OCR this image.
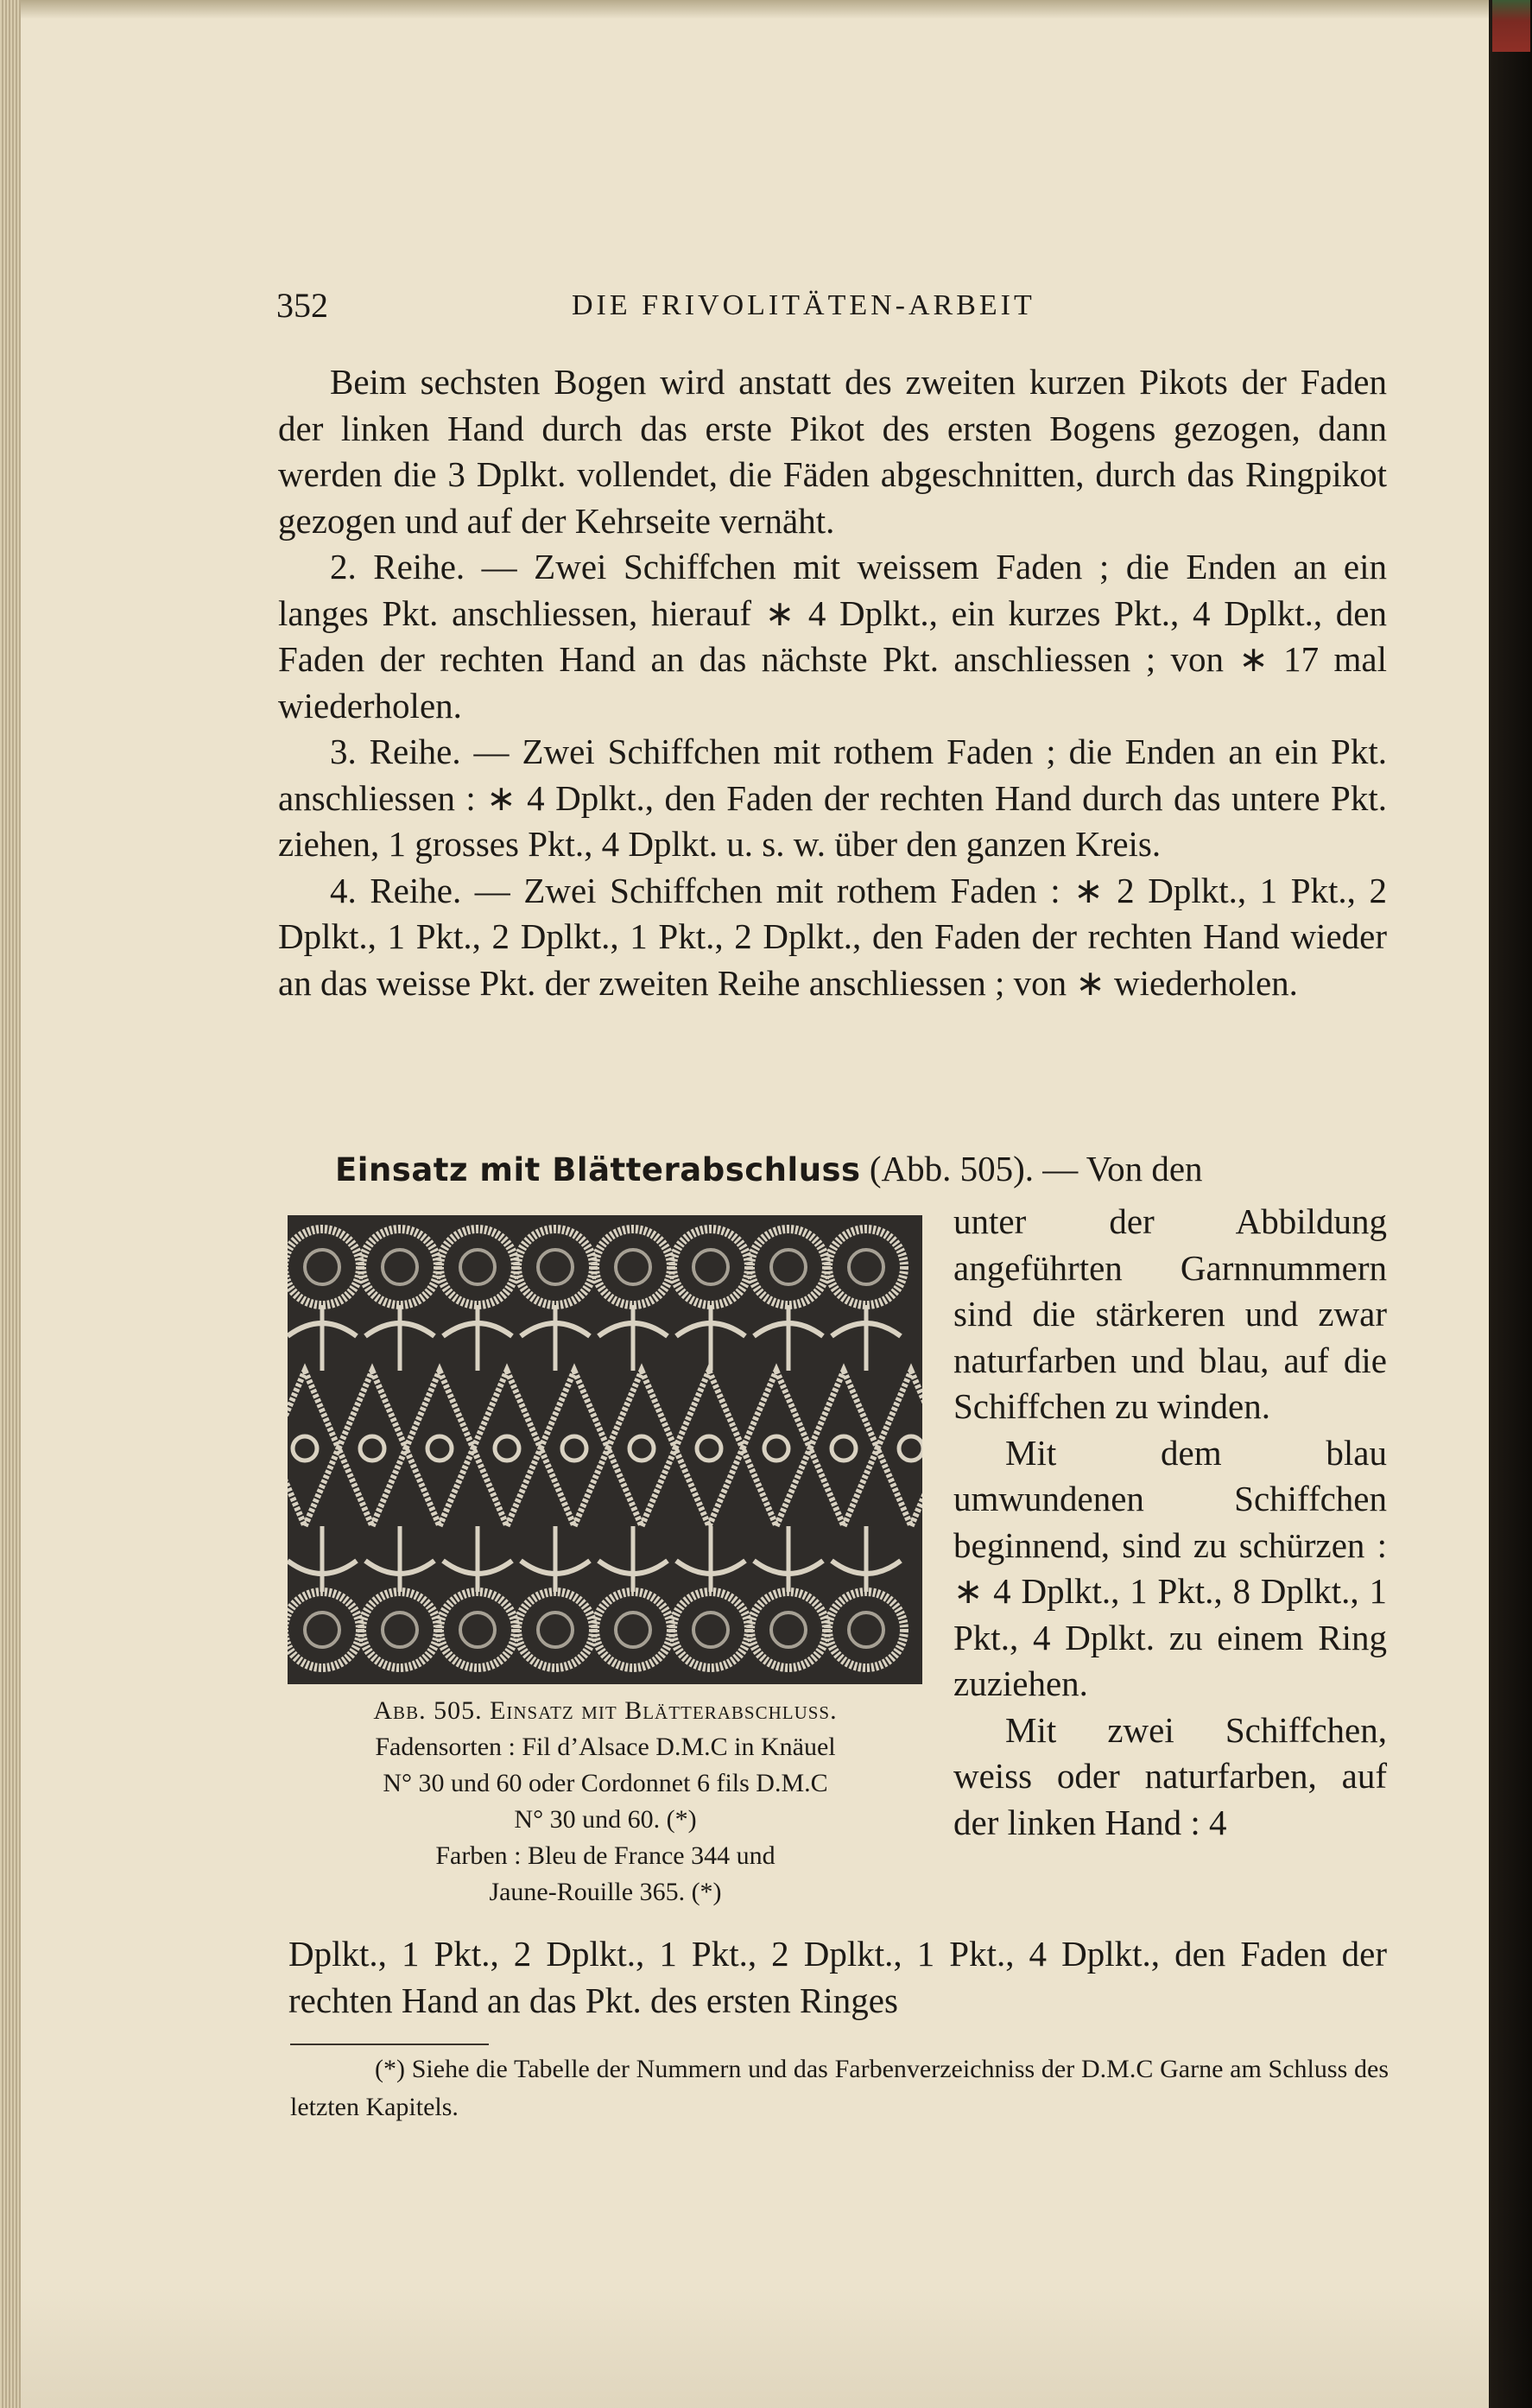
352	DIE FRIVOLITÄTEN-ARBEIT

Beim sechsten Bogen wird anstatt des zweiten kurzen Pikots der Faden der linken Hand durch das erste Pikot des ersten Bogens gezogen, dann werden die 3 Dplkt. vollendet, die Fäden abgeschnitten, durch das Ringpikot gezogen und auf der Kehrseite vernäht.

2. Reihe. — Zwei Schiffchen mit weissem Faden ; die Enden an ein langes Pkt. anschliessen, hierauf ∗ 4 Dplkt., ein kurzes Pkt., 4 Dplkt., den Faden der rechten Hand an das nächste Pkt. anschliessen ; von ∗ 17 mal wiederholen.

3. Reihe. — Zwei Schiffchen mit rothem Faden ; die Enden an ein Pkt. anschliessen : ∗ 4 Dplkt., den Faden der rechten Hand durch das untere Pkt. ziehen, 1 grosses Pkt., 4 Dplkt. u. s. w. über den ganzen Kreis.

4. Reihe. — Zwei Schiffchen mit rothem Faden : ∗ 2 Dplkt., 1 Pkt., 2 Dplkt., 1 Pkt., 2 Dplkt., 1 Pkt., 2 Dplkt., den Faden der rechten Hand wieder an das weisse Pkt. der zweiten Reihe anschliessen ; von ∗ wiederholen.

Einsatz mit Blätterabschluss (Abb. 505). — Von den

unter der Abbildung angeführten Garnnummern sind die stärkeren und zwar naturfarben und blau, auf die Schiffchen zu winden.

Mit dem blau umwundenen Schiffchen beginnend, sind zu schürzen : ∗ 4 Dplkt., 1 Pkt., 8 Dplkt., 1 Pkt., 4 Dplkt. zu einem Ring zuziehen.

Mit zwei Schiffchen, weiss oder naturfarben, auf der linken Hand : 4

Abb. 505. Einsatz mit Blätterabschluss.
Fadensorten : Fil d’Alsace D.M.C in Knäuel
N° 30 und 60 oder Cordonnet 6 fils D.M.C
N° 30 und 60. (*)
Farben : Bleu de France 344 und
Jaune-Rouille 365. (*)

Dplkt., 1 Pkt., 2 Dplkt., 1 Pkt., 2 Dplkt., 1 Pkt., 4 Dplkt., den Faden der rechten Hand an das Pkt. des ersten Ringes

(*) Siehe die Tabelle der Nummern und das Farbenverzeichniss der D.M.C Garne am Schluss des letzten Kapitels.
